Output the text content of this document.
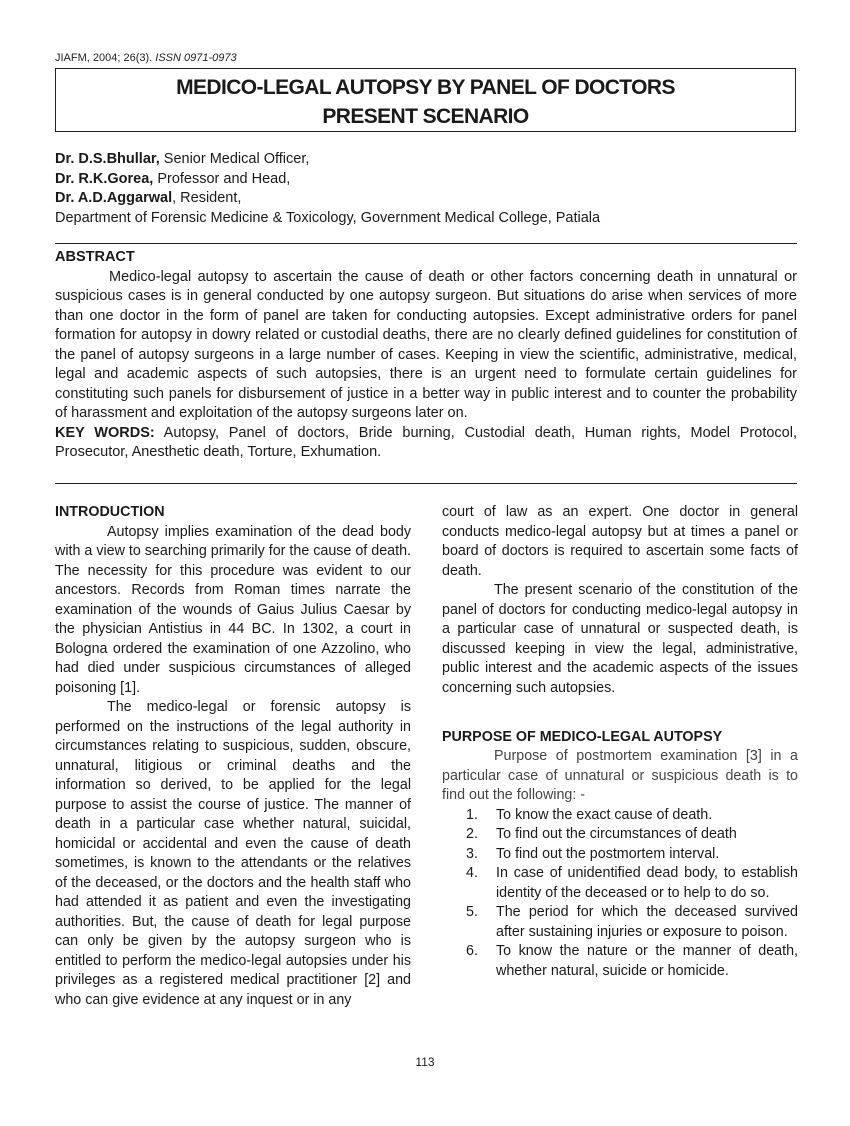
JIAFM, 2004; 26(3). ISSN 0971-0973
MEDICO-LEGAL AUTOPSY BY PANEL OF DOCTORS
PRESENT SCENARIO
Dr. D.S.Bhullar, Senior Medical Officer,
Dr. R.K.Gorea, Professor and Head,
Dr. A.D.Aggarwal, Resident,
Department of Forensic Medicine & Toxicology, Government Medical College, Patiala
ABSTRACT

Medico-legal autopsy to ascertain the cause of death or other factors concerning death in unnatural or suspicious cases is in general conducted by one autopsy surgeon. But situations do arise when services of more than one doctor in the form of panel are taken for conducting autopsies. Except administrative orders for panel formation for autopsy in dowry related or custodial deaths, there are no clearly defined guidelines for constitution of the panel of autopsy surgeons in a large number of cases. Keeping in view the scientific, administrative, medical, legal and academic aspects of such autopsies, there is an urgent need to formulate certain guidelines for constituting such panels for disbursement of justice in a better way in public interest and to counter the probability of harassment and exploitation of the autopsy surgeons later on.

KEY WORDS: Autopsy, Panel of doctors, Bride burning, Custodial death, Human rights, Model Protocol, Prosecutor, Anesthetic death, Torture, Exhumation.
INTRODUCTION

Autopsy implies examination of the dead body with a view to searching primarily for the cause of death. The necessity for this procedure was evident to our ancestors. Records from Roman times narrate the examination of the wounds of Gaius Julius Caesar by the physician Antistius in 44 BC. In 1302, a court in Bologna ordered the examination of one Azzolino, who had died under suspicious circumstances of alleged poisoning [1].

The medico-legal or forensic autopsy is performed on the instructions of the legal authority in circumstances relating to suspicious, sudden, obscure, unnatural, litigious or criminal deaths and the information so derived, to be applied for the legal purpose to assist the course of justice. The manner of death in a particular case whether natural, suicidal, homicidal or accidental and even the cause of death sometimes, is known to the attendants or the relatives of the deceased, or the doctors and the health staff who had attended it as patient and even the investigating authorities. But, the cause of death for legal purpose can only be given by the autopsy surgeon who is entitled to perform the medico-legal autopsies under his privileges as a registered medical practitioner [2] and who can give evidence at any inquest or in any

court of law as an expert. One doctor in general conducts medico-legal autopsy but at times a panel or board of doctors is required to ascertain some facts of death.

The present scenario of the constitution of the panel of doctors for conducting medico-legal autopsy in a particular case of unnatural or suspected death, is discussed keeping in view the legal, administrative, public interest and the academic aspects of the issues concerning such autopsies.

PURPOSE OF MEDICO-LEGAL AUTOPSY

Purpose of postmortem examination [3] in a particular case of unnatural or suspicious death is to find out the following: -

1. To know the exact cause of death.
2. To find out the circumstances of death
3. To find out the postmortem interval.
4. In case of unidentified dead body, to establish identity of the deceased or to help to do so.
5. The period for which the deceased survived after sustaining injuries or exposure to poison.
6. To know the nature or the manner of death, whether natural, suicide or homicide.
113
